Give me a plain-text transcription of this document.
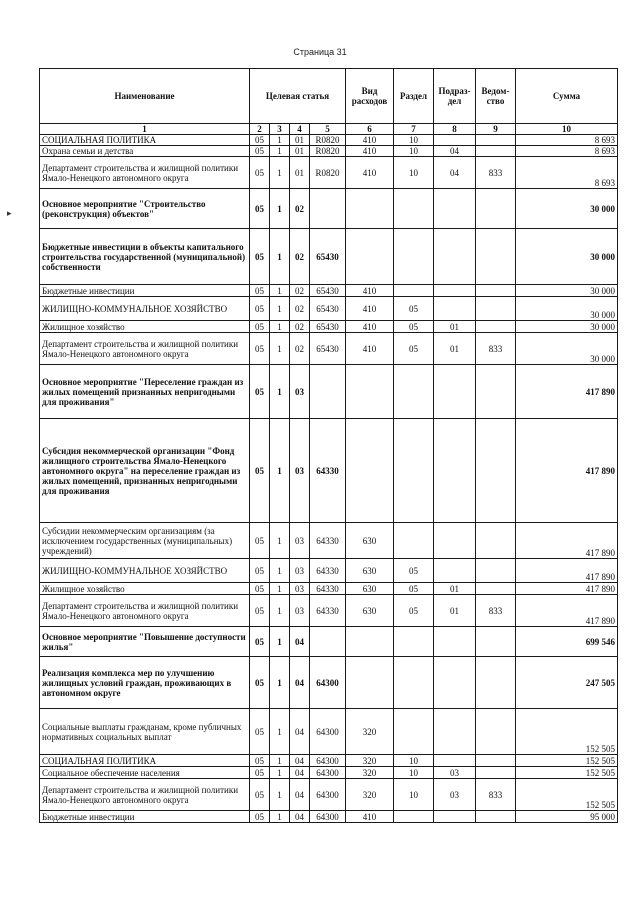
Страница 31
▸
Наименование	Целевая статья				Вид расходов	Раздел	Подраз-дел	Ведом-ство	Сумма
1	2	3	4	5	6	7	8	9	10
СОЦИАЛЬНАЯ ПОЛИТИКА	05	1	01	R0820	410	10			8 693
Охрана семьи и детства	05	1	01	R0820	410	10	04		8 693
Департамент строительства и жилищной политики Ямало-Ненецкого автономного округа	05	1	01	R0820	410	10	04	833	8 693
Основное мероприятие "Строительство (реконструкция) объектов"	05	1	02						30 000
Бюджетные инвестиции в объекты капитального строительства государственной (муниципальной) собственности	05	1	02	65430					30 000
Бюджетные инвестиции	05	1	02	65430	410				30 000
ЖИЛИЩНО-КОММУНАЛЬНОЕ ХОЗЯЙСТВО	05	1	02	65430	410	05			30 000
Жилищное хозяйство	05	1	02	65430	410	05	01		30 000
Департамент строительства и жилищной политики Ямало-Ненецкого автономного округа	05	1	02	65430	410	05	01	833	30 000
Основное мероприятие "Переселение граждан из жилых помещений признанных непригодными для проживания"	05	1	03						417 890
Субсидия некоммерческой организации "Фонд жилищного строительства Ямало-Ненецкого автономного округа" на переселение граждан из жилых помещений, признанных непригодными для проживания	05	1	03	64330					417 890
Субсидии некоммерческим организациям (за исключением государственных (муниципальных) учреждений)	05	1	03	64330	630				417 890
ЖИЛИЩНО-КОММУНАЛЬНОЕ ХОЗЯЙСТВО	05	1	03	64330	630	05			417 890
Жилищное хозяйство	05	1	03	64330	630	05	01		417 890
Департамент строительства и жилищной политики Ямало-Ненецкого автономного округа	05	1	03	64330	630	05	01	833	417 890
Основное мероприятие "Повышение доступности жилья"	05	1	04						699 546
Реализация комплекса мер по улучшению жилищных условий граждан, проживающих в автономном округе	05	1	04	64300					247 505
Социальные выплаты гражданам, кроме публичных нормативных социальных выплат	05	1	04	64300	320				152 505
СОЦИАЛЬНАЯ ПОЛИТИКА	05	1	04	64300	320	10			152 505
Социальное обеспечение населения	05	1	04	64300	320	10	03		152 505
Департамент строительства и жилищной политики Ямало-Ненецкого автономного округа	05	1	04	64300	320	10	03	833	152 505
Бюджетные инвестиции	05	1	04	64300	410				95 000
